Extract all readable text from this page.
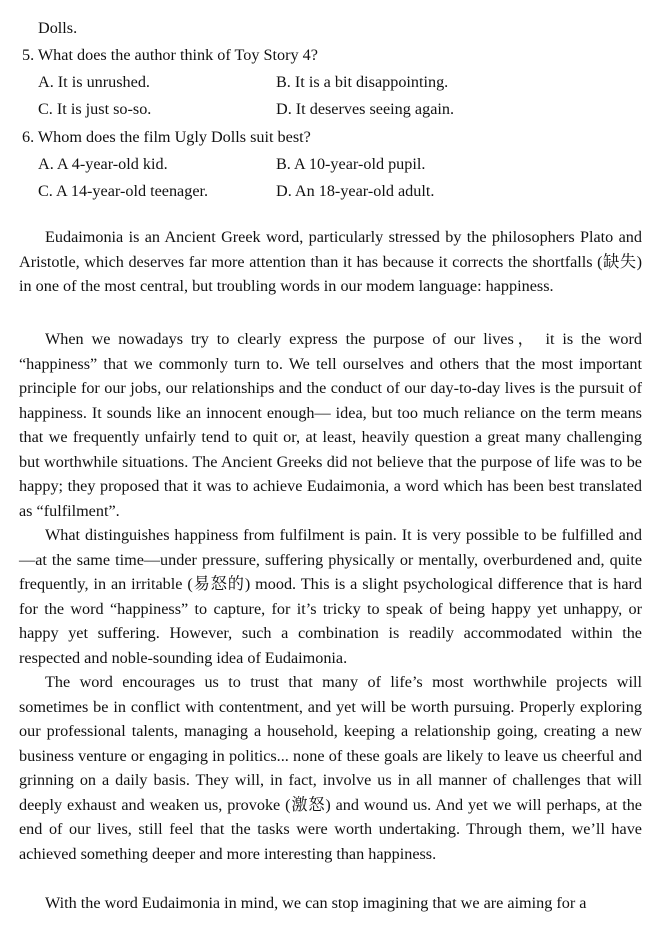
Dolls.
5. What does the author think of Toy Story 4?
A. It is unrushed.	B. It is a bit disappointing.
C. It is just so-so.	D. It deserves seeing again.
6. Whom does the film Ugly Dolls suit best?
A. A 4-year-old kid.	B. A 10-year-old pupil.
C. A 14-year-old teenager.	D. An 18-year-old adult.
Eudaimonia is an Ancient Greek word, particularly stressed by the philosophers Plato and Aristotle, which deserves far more attention than it has because it corrects the shortfalls (缺失) in one of the most central, but troubling words in our modem language: happiness.
When we nowadays try to clearly express the purpose of our lives， it is the word “happiness” that we commonly turn to. We tell ourselves and others that the most important principle for our jobs, our relationships and the conduct of our day-to-day lives is the pursuit of happiness. It sounds like an innocent enough— idea, but too much reliance on the term means that we frequently unfairly tend to quit or, at least, heavily question a great many challenging but worthwhile situations. The Ancient Greeks did not believe that the purpose of life was to be happy; they proposed that it was to achieve Eudaimonia, a word which has been best translated as “fulfilment”.
What distinguishes happiness from fulfilment is pain. It is very possible to be fulfilled and—at the same time—under pressure, suffering physically or mentally, overburdened and, quite frequently, in an irritable (易怒的) mood. This is a slight psychological difference that is hard for the word “happiness” to capture, for it’s tricky to speak of being happy yet unhappy, or happy yet suffering. However, such a combination is readily accommodated within the respected and noble-sounding idea of Eudaimonia.
The word encourages us to trust that many of life’s most worthwhile projects will sometimes be in conflict with contentment, and yet will be worth pursuing. Properly exploring our professional talents, managing a household, keeping a relationship going, creating a new business venture or engaging in politics... none of these goals are likely to leave us cheerful and grinning on a daily basis. They will, in fact, involve us in all manner of challenges that will deeply exhaust and weaken us, provoke (激怒) and wound us. And yet we will perhaps, at the end of our lives, still feel that the tasks were worth undertaking. Through them, we’ll have achieved something deeper and more interesting than happiness.
With the word Eudaimonia in mind, we can stop imagining that we are aiming for a
